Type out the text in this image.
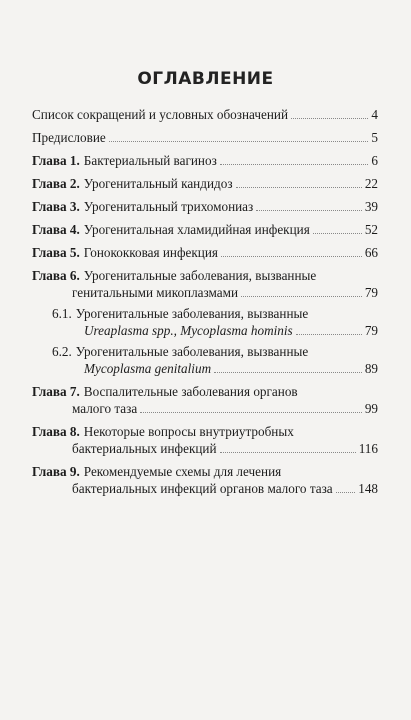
ОГЛАВЛЕНИЕ
Список сокращений и условных обозначений	4
Предисловие	5
Глава 1. Бактериальный вагиноз	6
Глава 2. Урогенитальный кандидоз	22
Глава 3. Урогенитальный трихомониаз	39
Глава 4. Урогенитальная хламидийная инфекция	52
Глава 5. Гонококковая инфекция	66
Глава 6. Урогенитальные заболевания, вызванные
генитальными микоплазмами	79
6.1. Урогенитальные заболевания, вызванные
Ureaplasma spp., Mycoplasma hominis	79
6.2. Урогенитальные заболевания, вызванные
Mycoplasma genitalium	89
Глава 7. Воспалительные заболевания органов
малого таза	99
Глава 8. Некоторые вопросы внутриутробных
бактериальных инфекций	116
Глава 9. Рекомендуемые схемы для лечения
бактериальных инфекций органов малого таза 148
